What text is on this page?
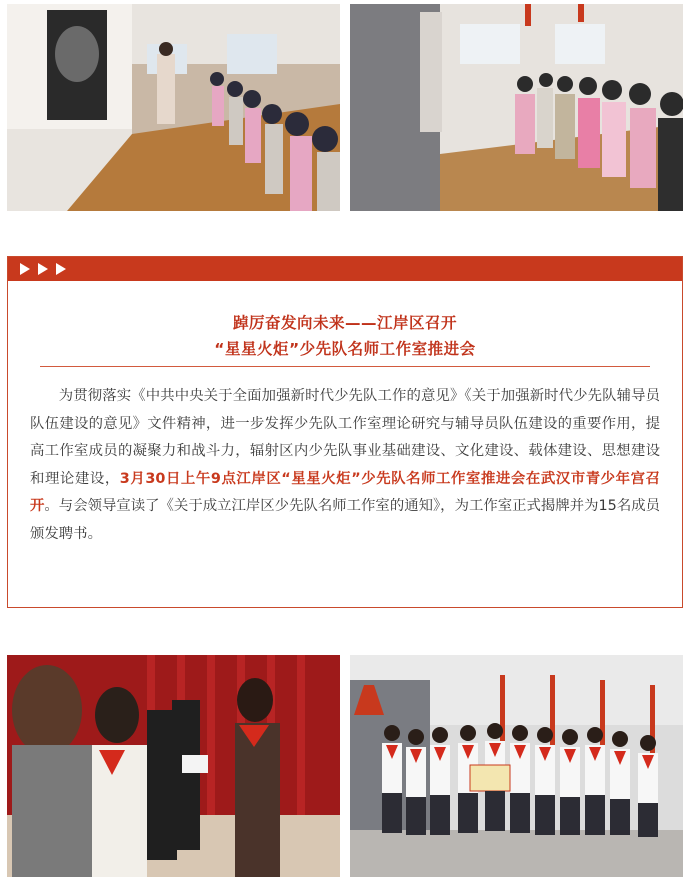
踔厉奋发向未来——江岸区召开
“星星火炬”少先队名师工作室推进会
为贯彻落实《中共中央关于全面加强新时代少先队工作的意见》《关于加强新时代少先队辅导员队伍建设的意见》文件精神，进一步发挥少先队工作室理论研究与辅导员队伍建设的重要作用，提高工作室成员的凝聚力和战斗力，辐射区内少先队事业基础建设、文化建设、载体建设、思想建设和理论建设，3月30日上午9点江岸区“星星火炬”少先队名师工作室推进会在武汉市青少年宫召开。与会领导宣读了《关于成立江岸区少先队名师工作室的通知》，为工作室正式揭牌并为15名成员颁发聘书。
